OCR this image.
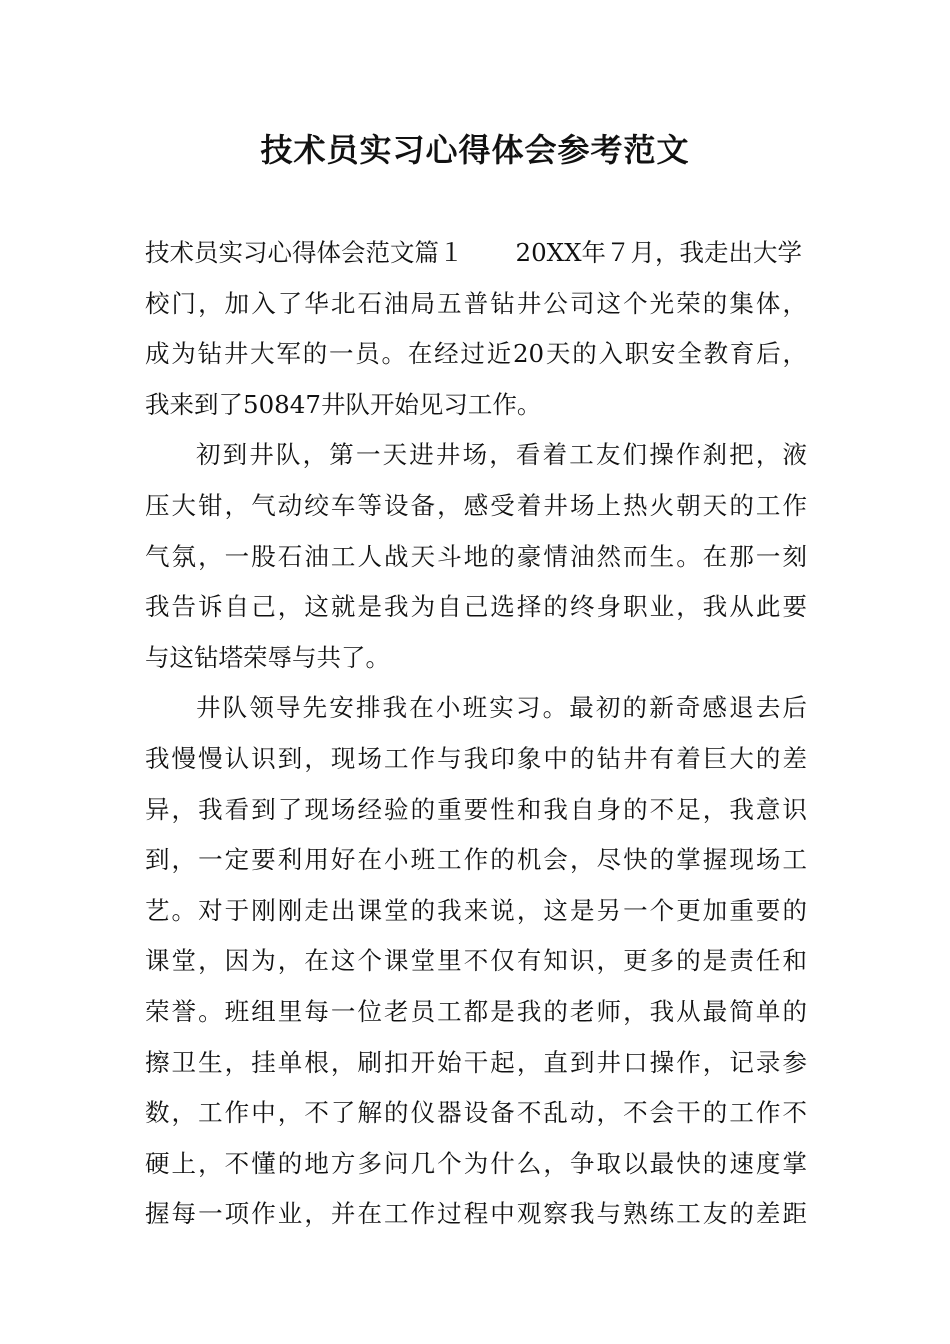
技术员实习心得体会参考范文
技术员实习心得体会范文篇１ 20XX年７月，我走出大学
校门，加入了华北石油局五普钻井公司这个光荣的集体，
成为钻井大军的一员。在经过近20天的入职安全教育后，
我来到了50847井队开始见习工作。
初到井队，第一天进井场，看着工友们操作刹把，液
压大钳，气动绞车等设备，感受着井场上热火朝天的工作
气氛，一股石油工人战天斗地的豪情油然而生。在那一刻
我告诉自己，这就是我为自己选择的终身职业，我从此要
与这钻塔荣辱与共了。
井队领导先安排我在小班实习。最初的新奇感退去后
我慢慢认识到，现场工作与我印象中的钻井有着巨大的差
异，我看到了现场经验的重要性和我自身的不足，我意识
到，一定要利用好在小班工作的机会，尽快的掌握现场工
艺。对于刚刚走出课堂的我来说，这是另一个更加重要的
课堂，因为，在这个课堂里不仅有知识，更多的是责任和
荣誉。班组里每一位老员工都是我的老师，我从最简单的
擦卫生，挂单根，刷扣开始干起，直到井口操作，记录参
数，工作中，不了解的仪器设备不乱动，不会干的工作不
硬上，不懂的地方多问几个为什么，争取以最快的速度掌
握每一项作业，并在工作过程中观察我与熟练工友的差距
